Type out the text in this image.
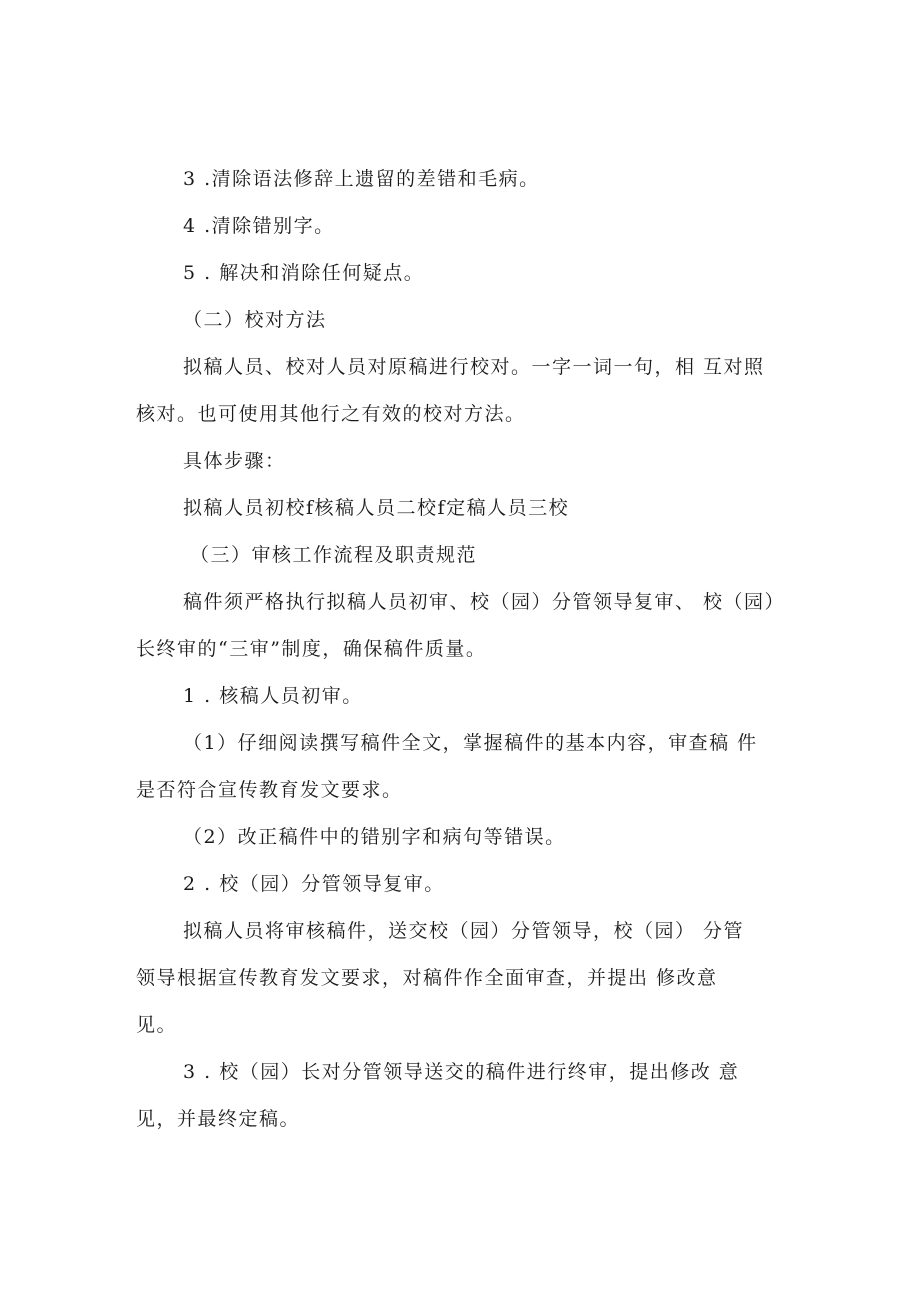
3 .清除语法修辞上遗留的差错和毛病。
4 .清除错别字。
5 . 解决和消除任何疑点。
（二）校对方法
拟稿人员、校对人员对原稿进行校对。一字一词一句，相 互对照
核对。也可使用其他行之有效的校对方法。
具体步骤：
拟稿人员初校f核稿人员二校f定稿人员三校
（三）审核工作流程及职责规范
稿件须严格执行拟稿人员初审、校（园）分管领导复审、 校（园）
长终审的“三审”制度，确保稿件质量。
1 . 核稿人员初审。
（1）仔细阅读撰写稿件全文，掌握稿件的基本内容，审查稿 件
是否符合宣传教育发文要求。
（2）改正稿件中的错别字和病句等错误。
2 . 校（园）分管领导复审。
拟稿人员将审核稿件，送交校（园）分管领导，校（园） 分管
领导根据宣传教育发文要求，对稿件作全面审查，并提出 修改意
见。
3 . 校（园）长对分管领导送交的稿件进行终审，提出修改 意
见，并最终定稿。
